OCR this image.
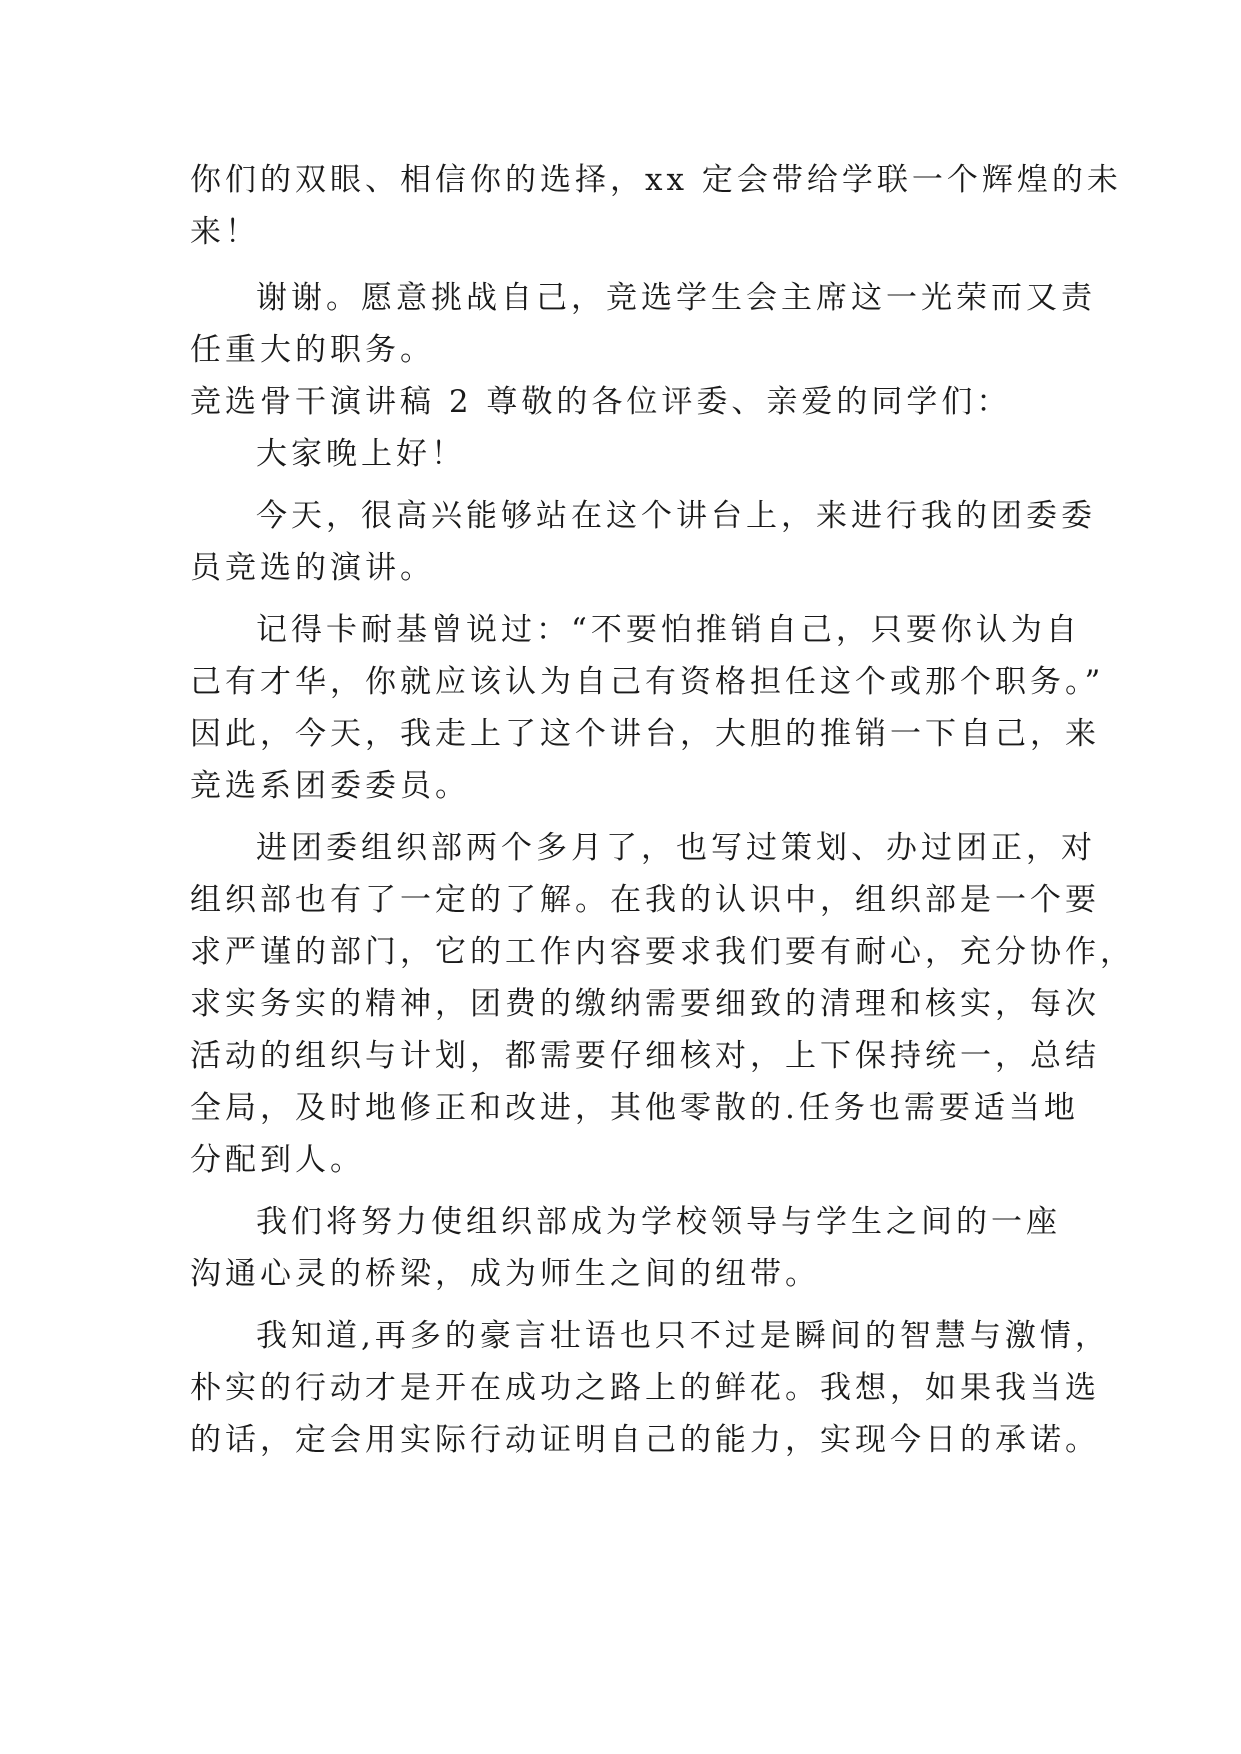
你们的双眼、相信你的选择，xx 定会带给学联一个辉煌的未
来！
谢谢。愿意挑战自己，竞选学生会主席这一光荣而又责
任重大的职务。
竞选骨干演讲稿 2 尊敬的各位评委、亲爱的同学们：
大家晚上好！
今天，很高兴能够站在这个讲台上，来进行我的团委委
员竞选的演讲。
记得卡耐基曾说过：“不要怕推销自己，只要你认为自
己有才华，你就应该认为自己有资格担任这个或那个职务。”
因此，今天，我走上了这个讲台，大胆的推销一下自己，来
竞选系团委委员。
进团委组织部两个多月了，也写过策划、办过团正，对
组织部也有了一定的了解。在我的认识中，组织部是一个要
求严谨的部门，它的工作内容要求我们要有耐心，充分协作，
求实务实的精神，团费的缴纳需要细致的清理和核实，每次
活动的组织与计划，都需要仔细核对，上下保持统一，总结
全局，及时地修正和改进，其他零散的.任务也需要适当地
分配到人。
我们将努力使组织部成为学校领导与学生之间的一座
沟通心灵的桥梁，成为师生之间的纽带。
我知道,再多的豪言壮语也只不过是瞬间的智慧与激情，
朴实的行动才是开在成功之路上的鲜花。我想，如果我当选
的话，定会用实际行动证明自己的能力，实现今日的承诺。
